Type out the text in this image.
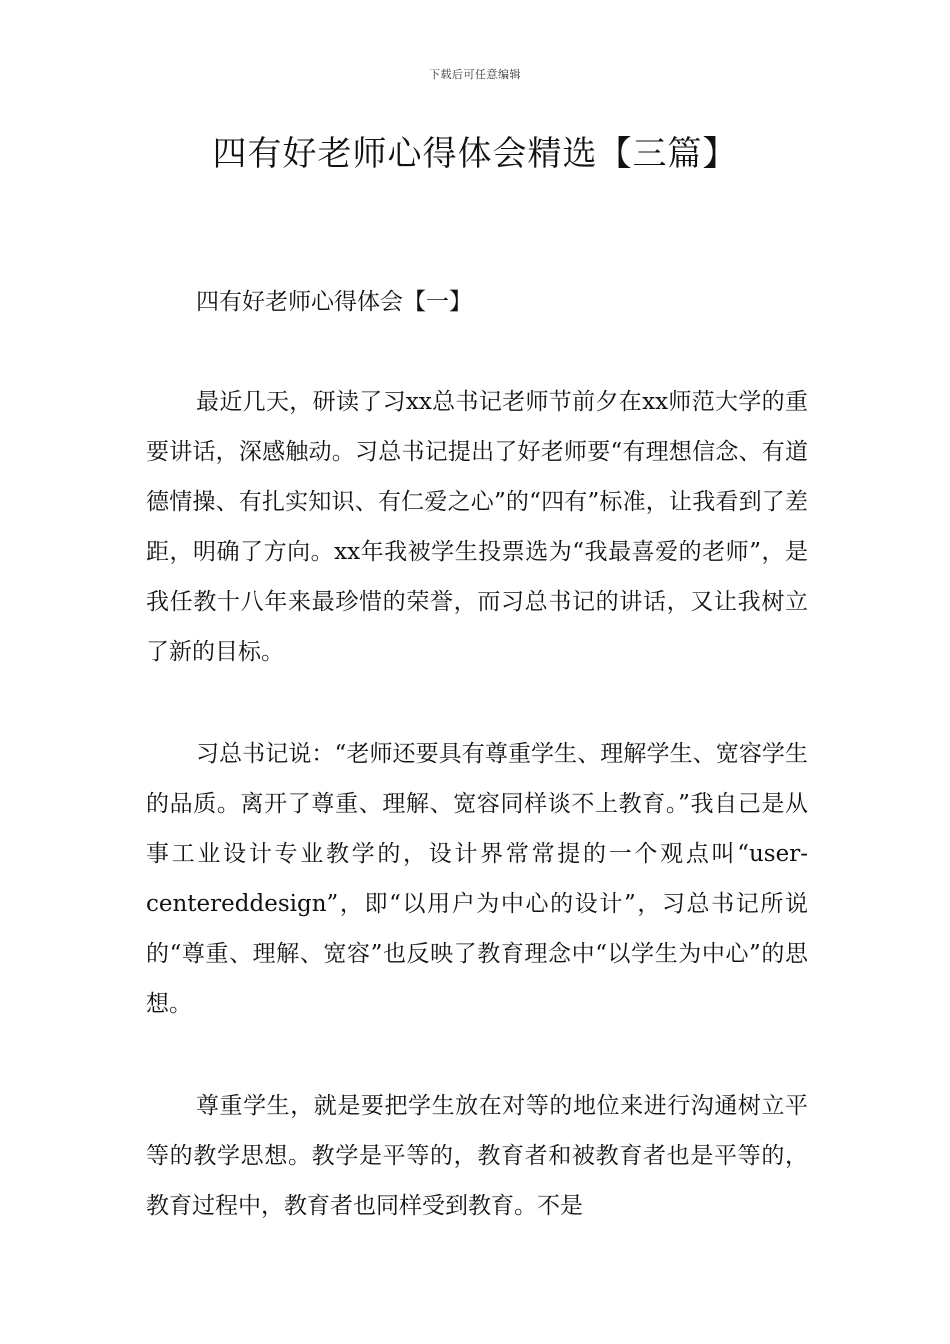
下载后可任意编辑
四有好老师心得体会精选【三篇】
四有好老师心得体会【一】

最近几天，研读了习xx总书记老师节前夕在xx师范大学的重要讲话，深感触动。习总书记提出了好老师要“有理想信念、有道德情操、有扎实知识、有仁爱之心”的“四有”标准，让我看到了差距，明确了方向。xx年我被学生投票选为“我最喜爱的老师”，是我任教十八年来最珍惜的荣誉，而习总书记的讲话，又让我树立了新的目标。

习总书记说：“老师还要具有尊重学生、理解学生、宽容学生的品质。离开了尊重、理解、宽容同样谈不上教育。”我自己是从事工业设计专业教学的，设计界常常提的一个观点叫“user-centereddesign”，即“以用户为中心的设计”，习总书记所说的“尊重、理解、宽容”也反映了教育理念中“以学生为中心”的思想。

尊重学生，就是要把学生放在对等的地位来进行沟通树立平等的教学思想。教学是平等的，教育者和被教育者也是平等的，教育过程中，教育者也同样受到教育。不是
